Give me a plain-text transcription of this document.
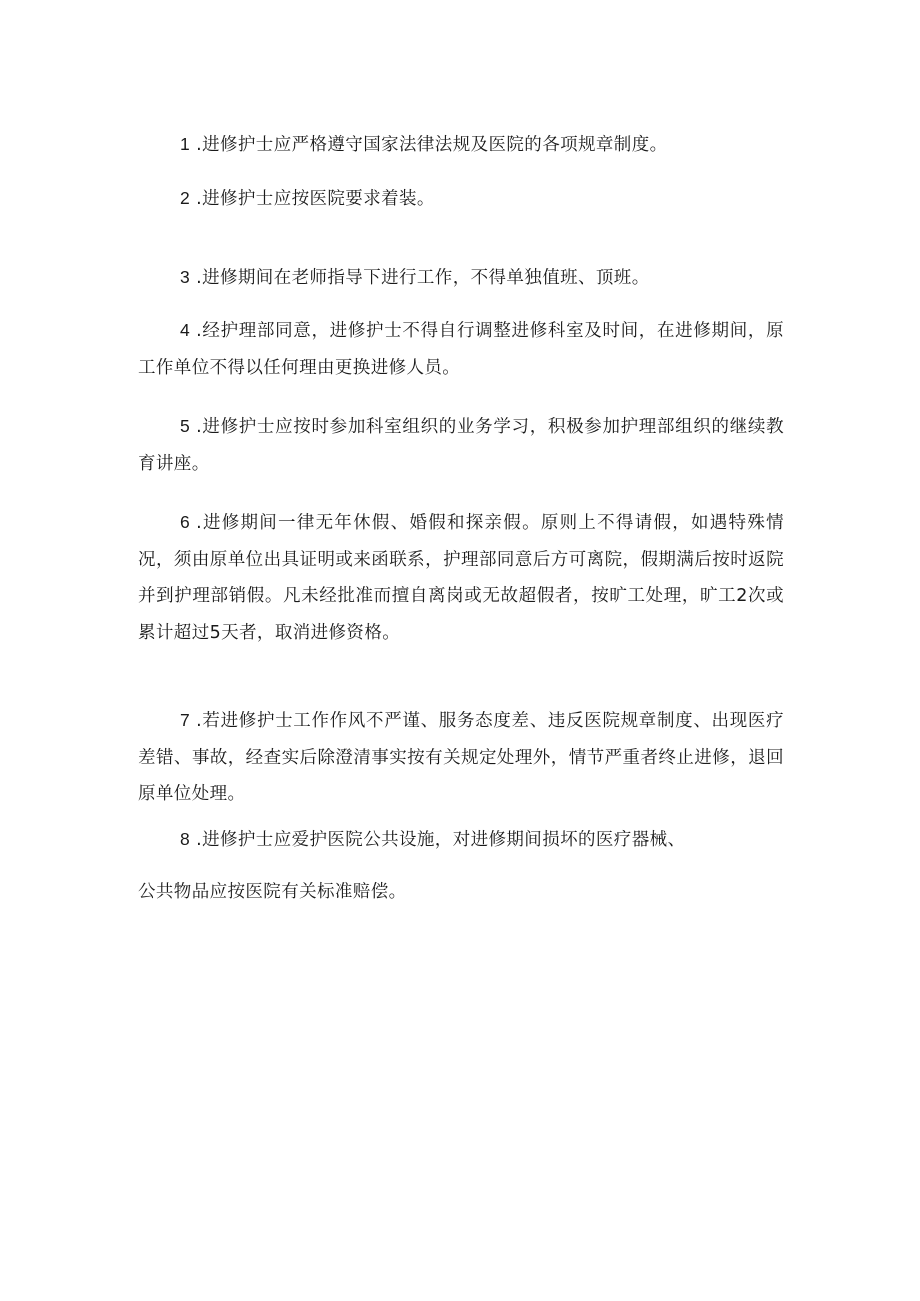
1 .进修护士应严格遵守国家法律法规及医院的各项规章制度。

2 .进修护士应按医院要求着装。

3 .进修期间在老师指导下进行工作，不得单独值班、顶班。

4 .经护理部同意，进修护士不得自行调整进修科室及时间，在进修期间，原工作单位不得以任何理由更换进修人员。

5 .进修护士应按时参加科室组织的业务学习，积极参加护理部组织的继续教育讲座。

6 .进修期间一律无年休假、婚假和探亲假。原则上不得请假，如遇特殊情况，须由原单位出具证明或来函联系，护理部同意后方可离院，假期满后按时返院并到护理部销假。凡未经批准而擅自离岗或无故超假者，按旷工处理，旷工2次或累计超过5天者，取消进修资格。

7 .若进修护士工作作风不严谨、服务态度差、违反医院规章制度、出现医疗差错、事故，经查实后除澄清事实按有关规定处理外，情节严重者终止进修，退回原单位处理。

8 .进修护士应爱护医院公共设施，对进修期间损坏的医疗器械、

公共物品应按医院有关标准赔偿。
